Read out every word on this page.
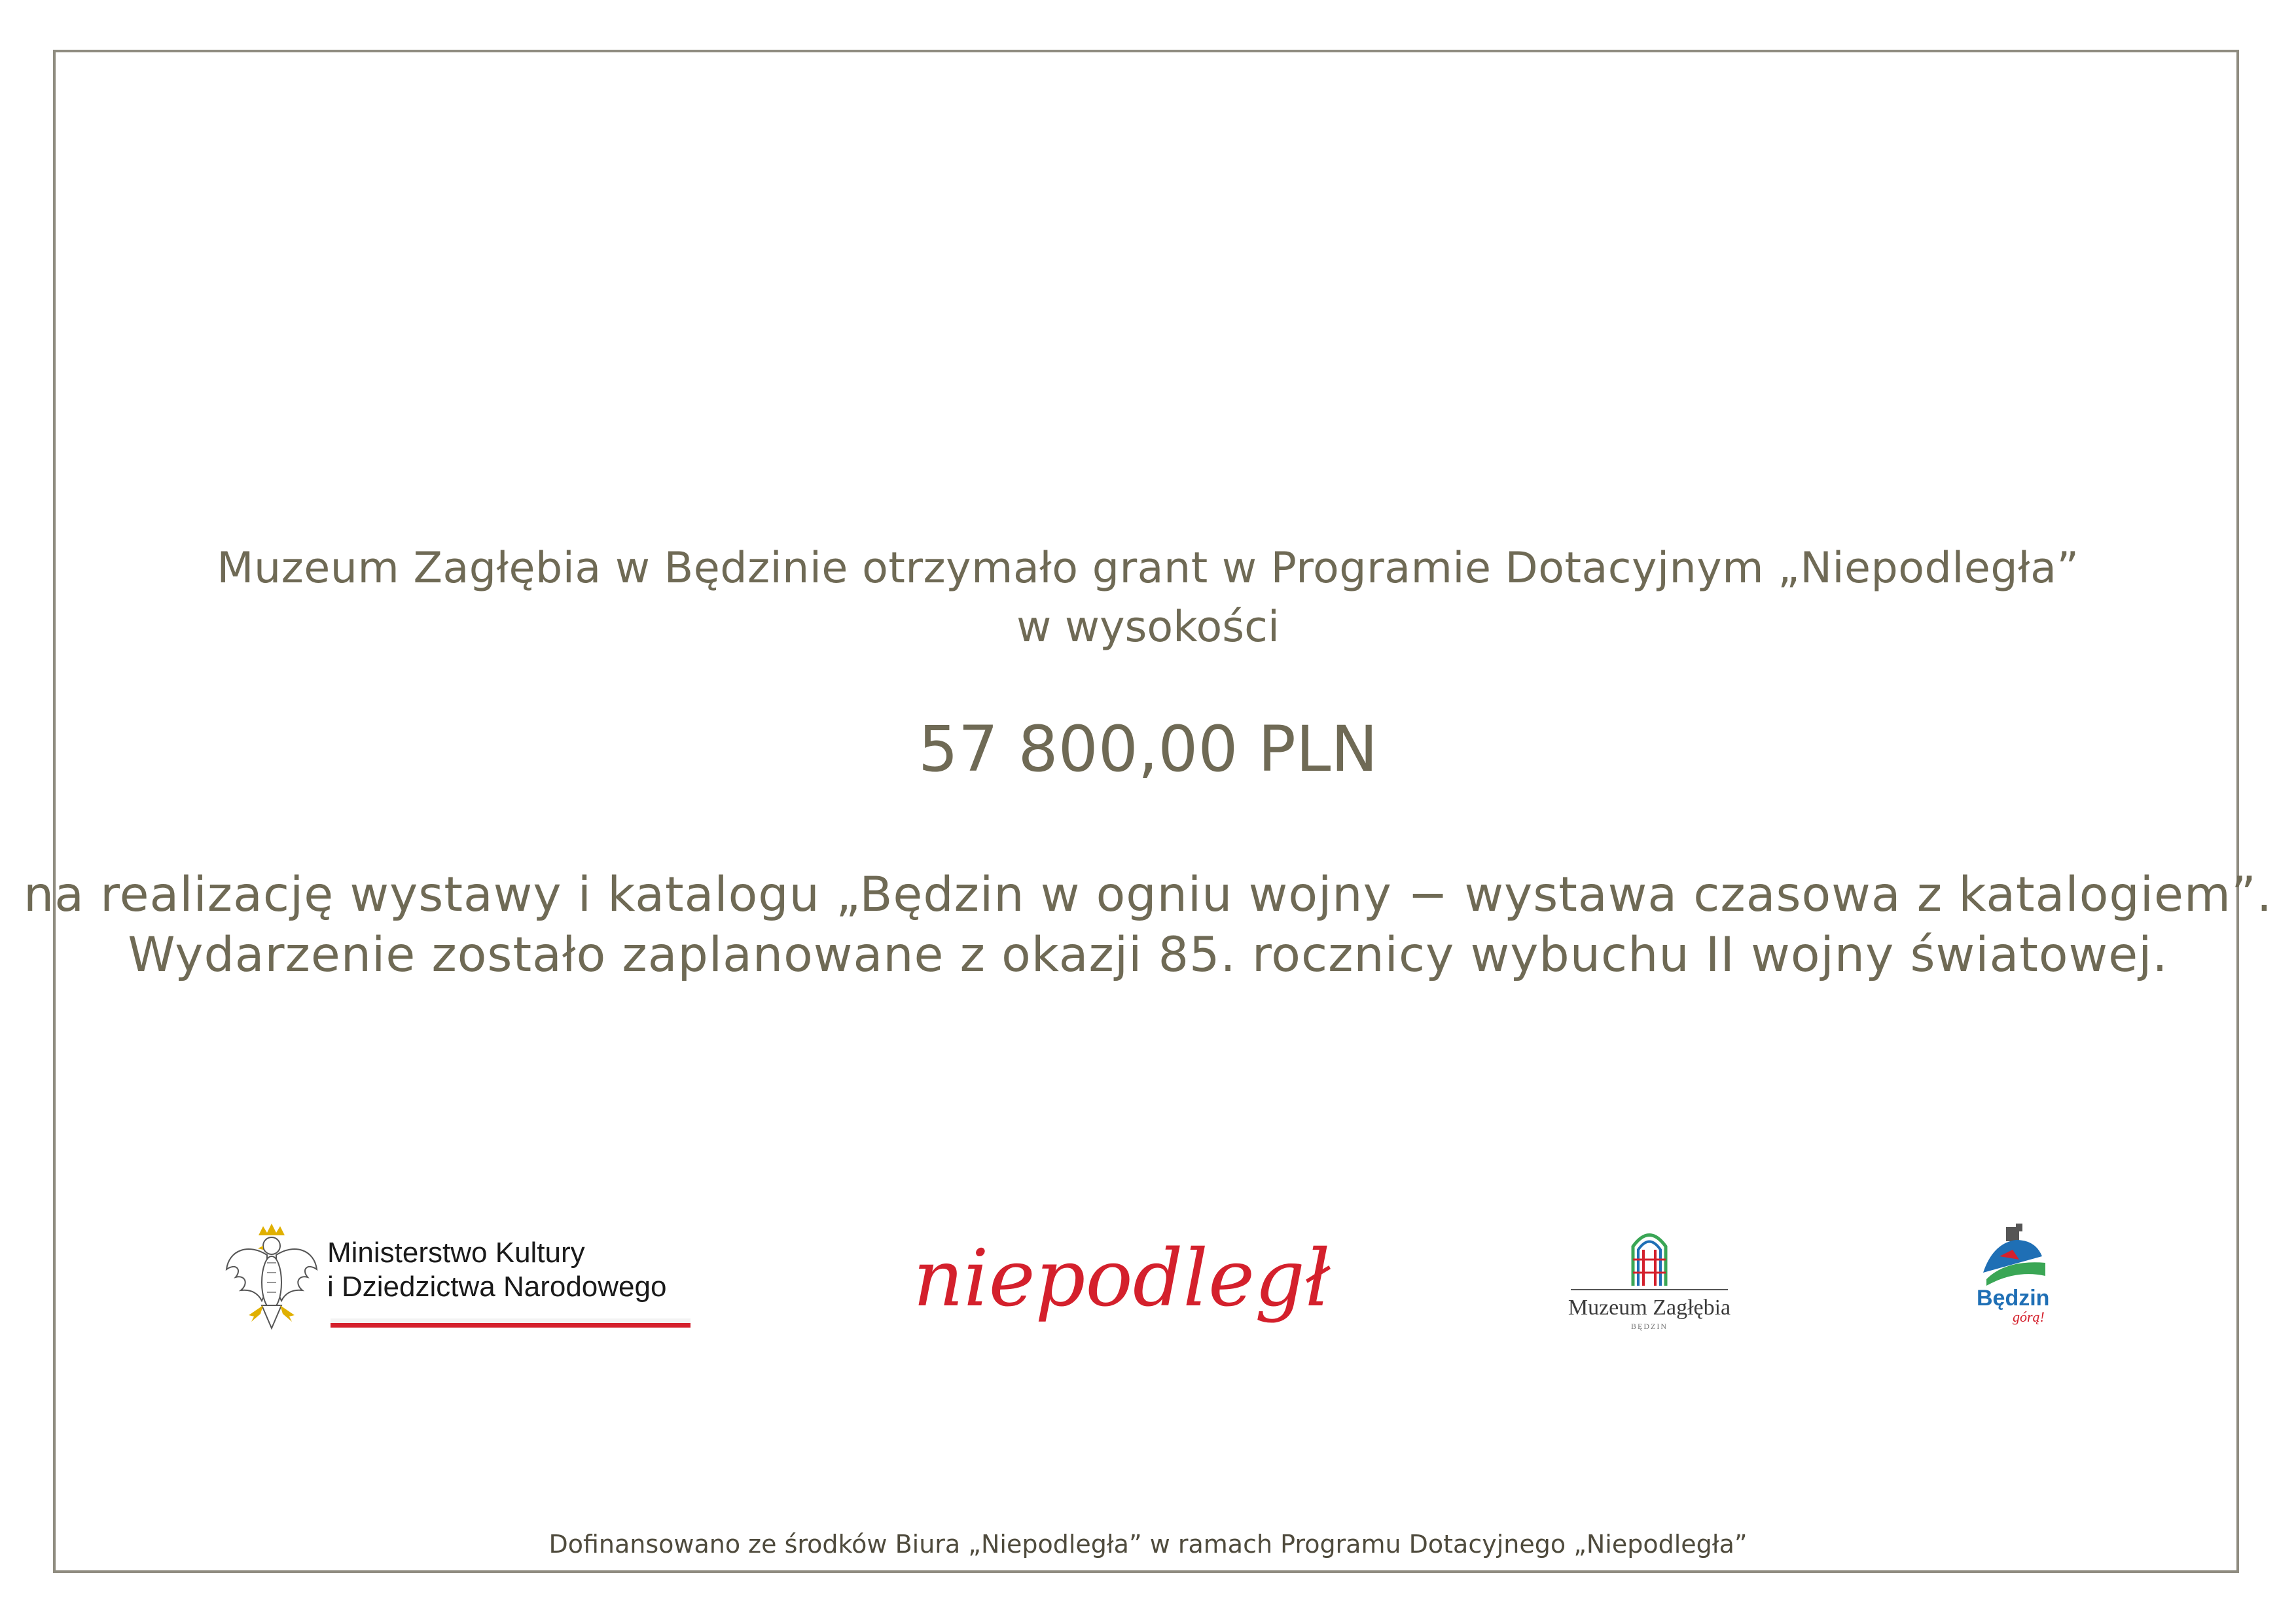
Muzeum Zagłębia w Będzinie otrzymało grant w Programie Dotacyjnym „Niepodległa”
w wysokości
57 800,00 PLN
na realizację wystawy i katalogu „Będzin w ogniu wojny − wystawa czasowa z katalogiem”.
Wydarzenie zostało zaplanowane z okazji 85. rocznicy wybuchu II wojny światowej.
Ministerstwo Kultury
i Dziedzictwa Narodowego	niepodległa	Muzeum Zagłębia
BĘDZIN
Będzin
górą!
Dofinansowano ze środków Biura „Niepodległa” w ramach Programu Dotacyjnego „Niepodległa”
